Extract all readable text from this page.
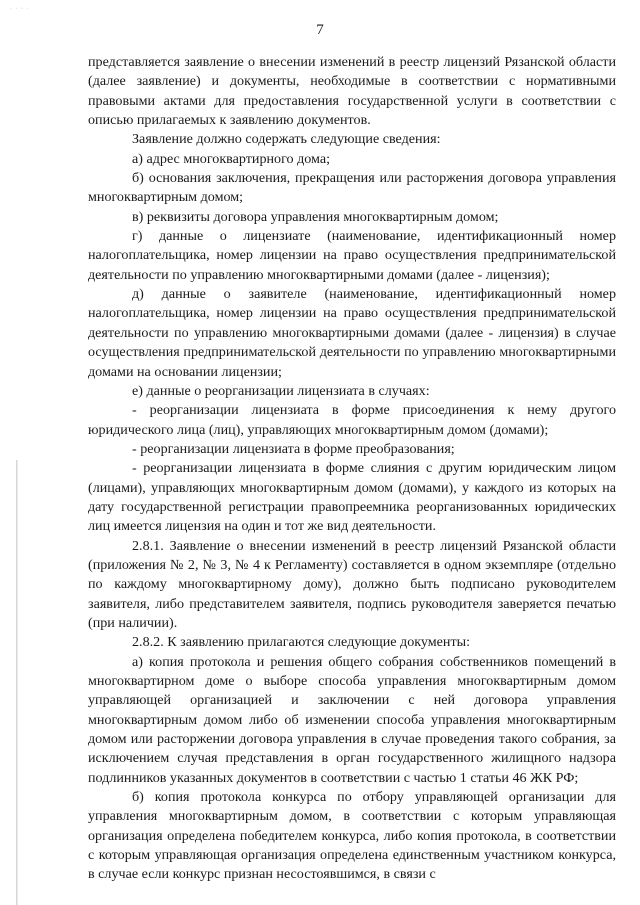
· · · ·
7

представляется заявление о внесении изменений в реестр лицензий Рязанской области (далее заявление) и документы, необходимые в соответствии с нормативными правовыми актами для предоставления государственной услуги в соответствии с описью прилагаемых к заявлению документов.

Заявление должно содержать следующие сведения:

а) адрес многоквартирного дома;

б) основания заключения, прекращения или расторжения договора управления многоквартирным домом;

в) реквизиты договора управления многоквартирным домом;

г) данные о лицензиате (наименование, идентификационный номер налогоплательщика, номер лицензии на право осуществления предпринимательской деятельности по управлению многоквартирными домами (далее - лицензия);

д) данные о заявителе (наименование, идентификационный номер налогоплательщика, номер лицензии на право осуществления предпринимательской деятельности по управлению многоквартирными домами (далее - лицензия) в случае осуществления предпринимательской деятельности по управлению многоквартирными домами на основании лицензии;

е) данные о реорганизации лицензиата в случаях:

- реорганизации лицензиата в форме присоединения к нему другого юридического лица (лиц), управляющих многоквартирным домом (домами);

- реорганизации лицензиата в форме преобразования;

- реорганизации лицензиата в форме слияния с другим юридическим лицом (лицами), управляющих многоквартирным домом (домами), у каждого из которых на дату государственной регистрации правопреемника реорганизованных юридических лиц имеется лицензия на один и тот же вид деятельности.

2.8.1. Заявление о внесении изменений в реестр лицензий Рязанской области (приложения № 2, № 3, № 4 к Регламенту) составляется в одном экземпляре (отдельно по каждому многоквартирному дому), должно быть подписано руководителем заявителя, либо представителем заявителя, подпись руководителя заверяется печатью (при наличии).

2.8.2. К заявлению прилагаются следующие документы:

а) копия протокола и решения общего собрания собственников помещений в многоквартирном доме о выборе способа управления многоквартирным домом управляющей организацией и заключении с ней договора управления многоквартирным домом либо об изменении способа управления многоквартирным домом или расторжении договора управления в случае проведения такого собрания, за исключением случая представления в орган государственного жилищного надзора подлинников указанных документов в соответствии с частью 1 статьи 46 ЖК РФ;

б) копия протокола конкурса по отбору управляющей организации для управления многоквартирным домом, в соответствии с которым управляющая организация определена победителем конкурса, либо копия протокола, в соответствии с которым управляющая организация определена единственным участником конкурса, в случае если конкурс признан несостоявшимся, в связи с
